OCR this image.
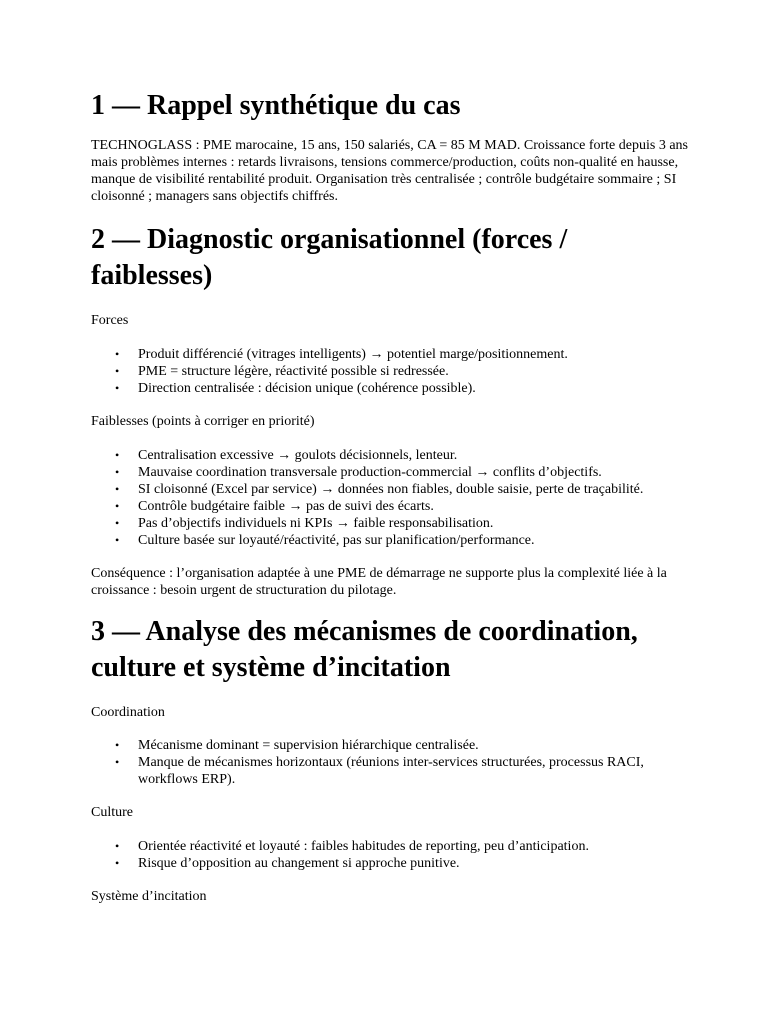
1 — Rappel synthétique du cas

TECHNOGLASS : PME marocaine, 15 ans, 150 salariés, CA = 85 M MAD. Croissance forte depuis 3 ans mais problèmes internes : retards livraisons, tensions commerce/production, coûts non-qualité en hausse, manque de visibilité rentabilité produit. Organisation très centralisée ; contrôle budgétaire sommaire ; SI cloisonné ; managers sans objectifs chiffrés.

2 — Diagnostic organisationnel (forces / faiblesses)

Forces

• Produit différencié (vitrages intelligents) → potentiel marge/positionnement.
• PME = structure légère, réactivité possible si redressée.
• Direction centralisée : décision unique (cohérence possible).

Faiblesses (points à corriger en priorité)

• Centralisation excessive → goulots décisionnels, lenteur.
• Mauvaise coordination transversale production-commercial → conflits d’objectifs.
• SI cloisonné (Excel par service) → données non fiables, double saisie, perte de traçabilité.
• Contrôle budgétaire faible → pas de suivi des écarts.
• Pas d’objectifs individuels ni KPIs → faible responsabilisation.
• Culture basée sur loyauté/réactivité, pas sur planification/performance.

Conséquence : l’organisation adaptée à une PME de démarrage ne supporte plus la complexité liée à la croissance : besoin urgent de structuration du pilotage.

3 — Analyse des mécanismes de coordination, culture et système d’incitation

Coordination

• Mécanisme dominant = supervision hiérarchique centralisée.
• Manque de mécanismes horizontaux (réunions inter-services structurées, processus RACI, workflows ERP).

Culture

• Orientée réactivité et loyauté : faibles habitudes de reporting, peu d’anticipation.
• Risque d’opposition au changement si approche punitive.

Système d’incitation
